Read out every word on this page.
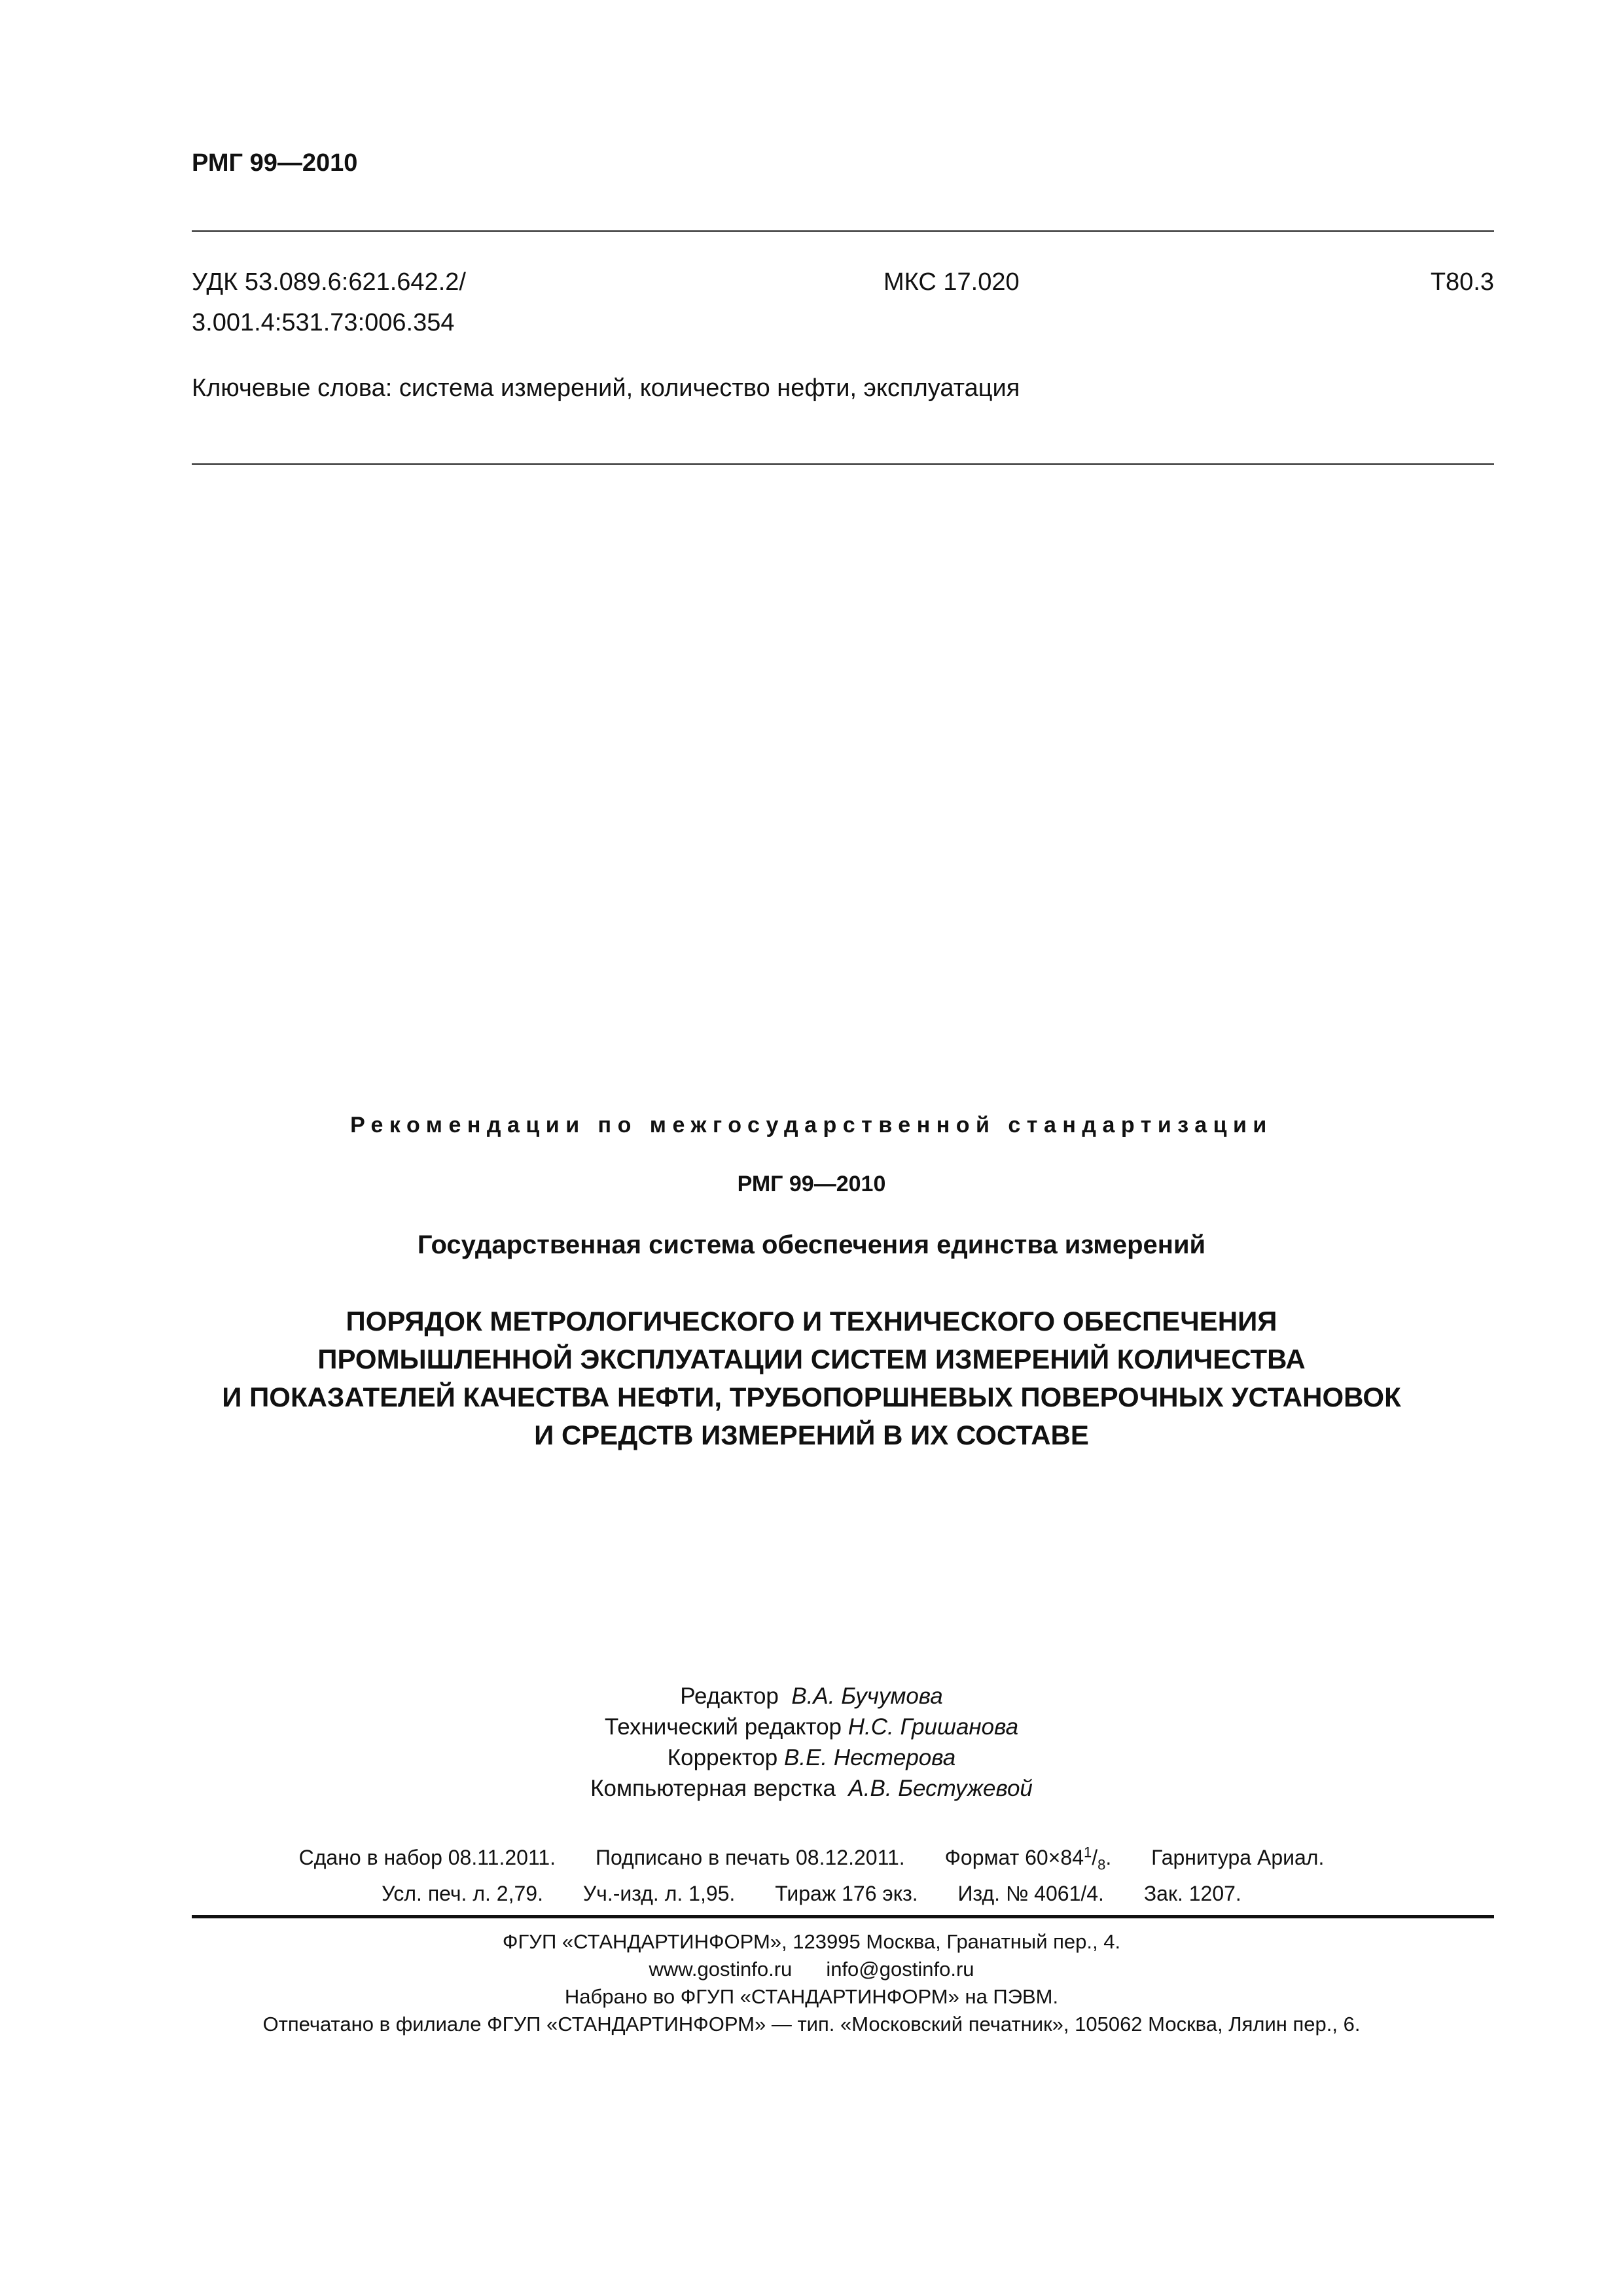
РМГ 99—2010
УДК 53.089.6:621.642.2/
3.001.4:531.73:006.354
МКС 17.020	Т80.3
Ключевые слова: система измерений, количество нефти, эксплуатация
Рекомендации по межгосударственной стандартизации
РМГ 99—2010
Государственная система обеспечения единства измерений
ПОРЯДОК МЕТРОЛОГИЧЕСКОГО И ТЕХНИЧЕСКОГО ОБЕСПЕЧЕНИЯ
ПРОМЫШЛЕННОЙ ЭКСПЛУАТАЦИИ СИСТЕМ ИЗМЕРЕНИЙ КОЛИЧЕСТВА
И ПОКАЗАТЕЛЕЙ КАЧЕСТВА НЕФТИ, ТРУБОПОРШНЕВЫХ ПОВЕРОЧНЫХ УСТАНОВОК
И СРЕДСТВ ИЗМЕРЕНИЙ В ИХ СОСТАВЕ
Редактор В.А. Бучумова
Технический редактор Н.С. Гришанова
Корректор В.Е. Нестерова
Компьютерная верстка А.В. Бестужевой
Сдано в набор 08.11.2011. Подписано в печать 08.12.2011. Формат $60\times 84^1/_8$. Гарнитура Ариал.
Усл. печ. л. 2,79. Уч.-изд. л. 1,95. Тираж 176 экз. Изд. № 4061/4. Зак. 1207.
ФГУП «СТАНДАРТИНФОРМ», 123995 Москва, Гранатный пер., 4.
www.gostinfo.ru info@gostinfo.ru
Набрано во ФГУП «СТАНДАРТИНФОРМ» на ПЭВМ.
Отпечатано в филиале ФГУП «СТАНДАРТИНФОРМ» — тип. «Московский печатник», 105062 Москва, Лялин пер., 6.
